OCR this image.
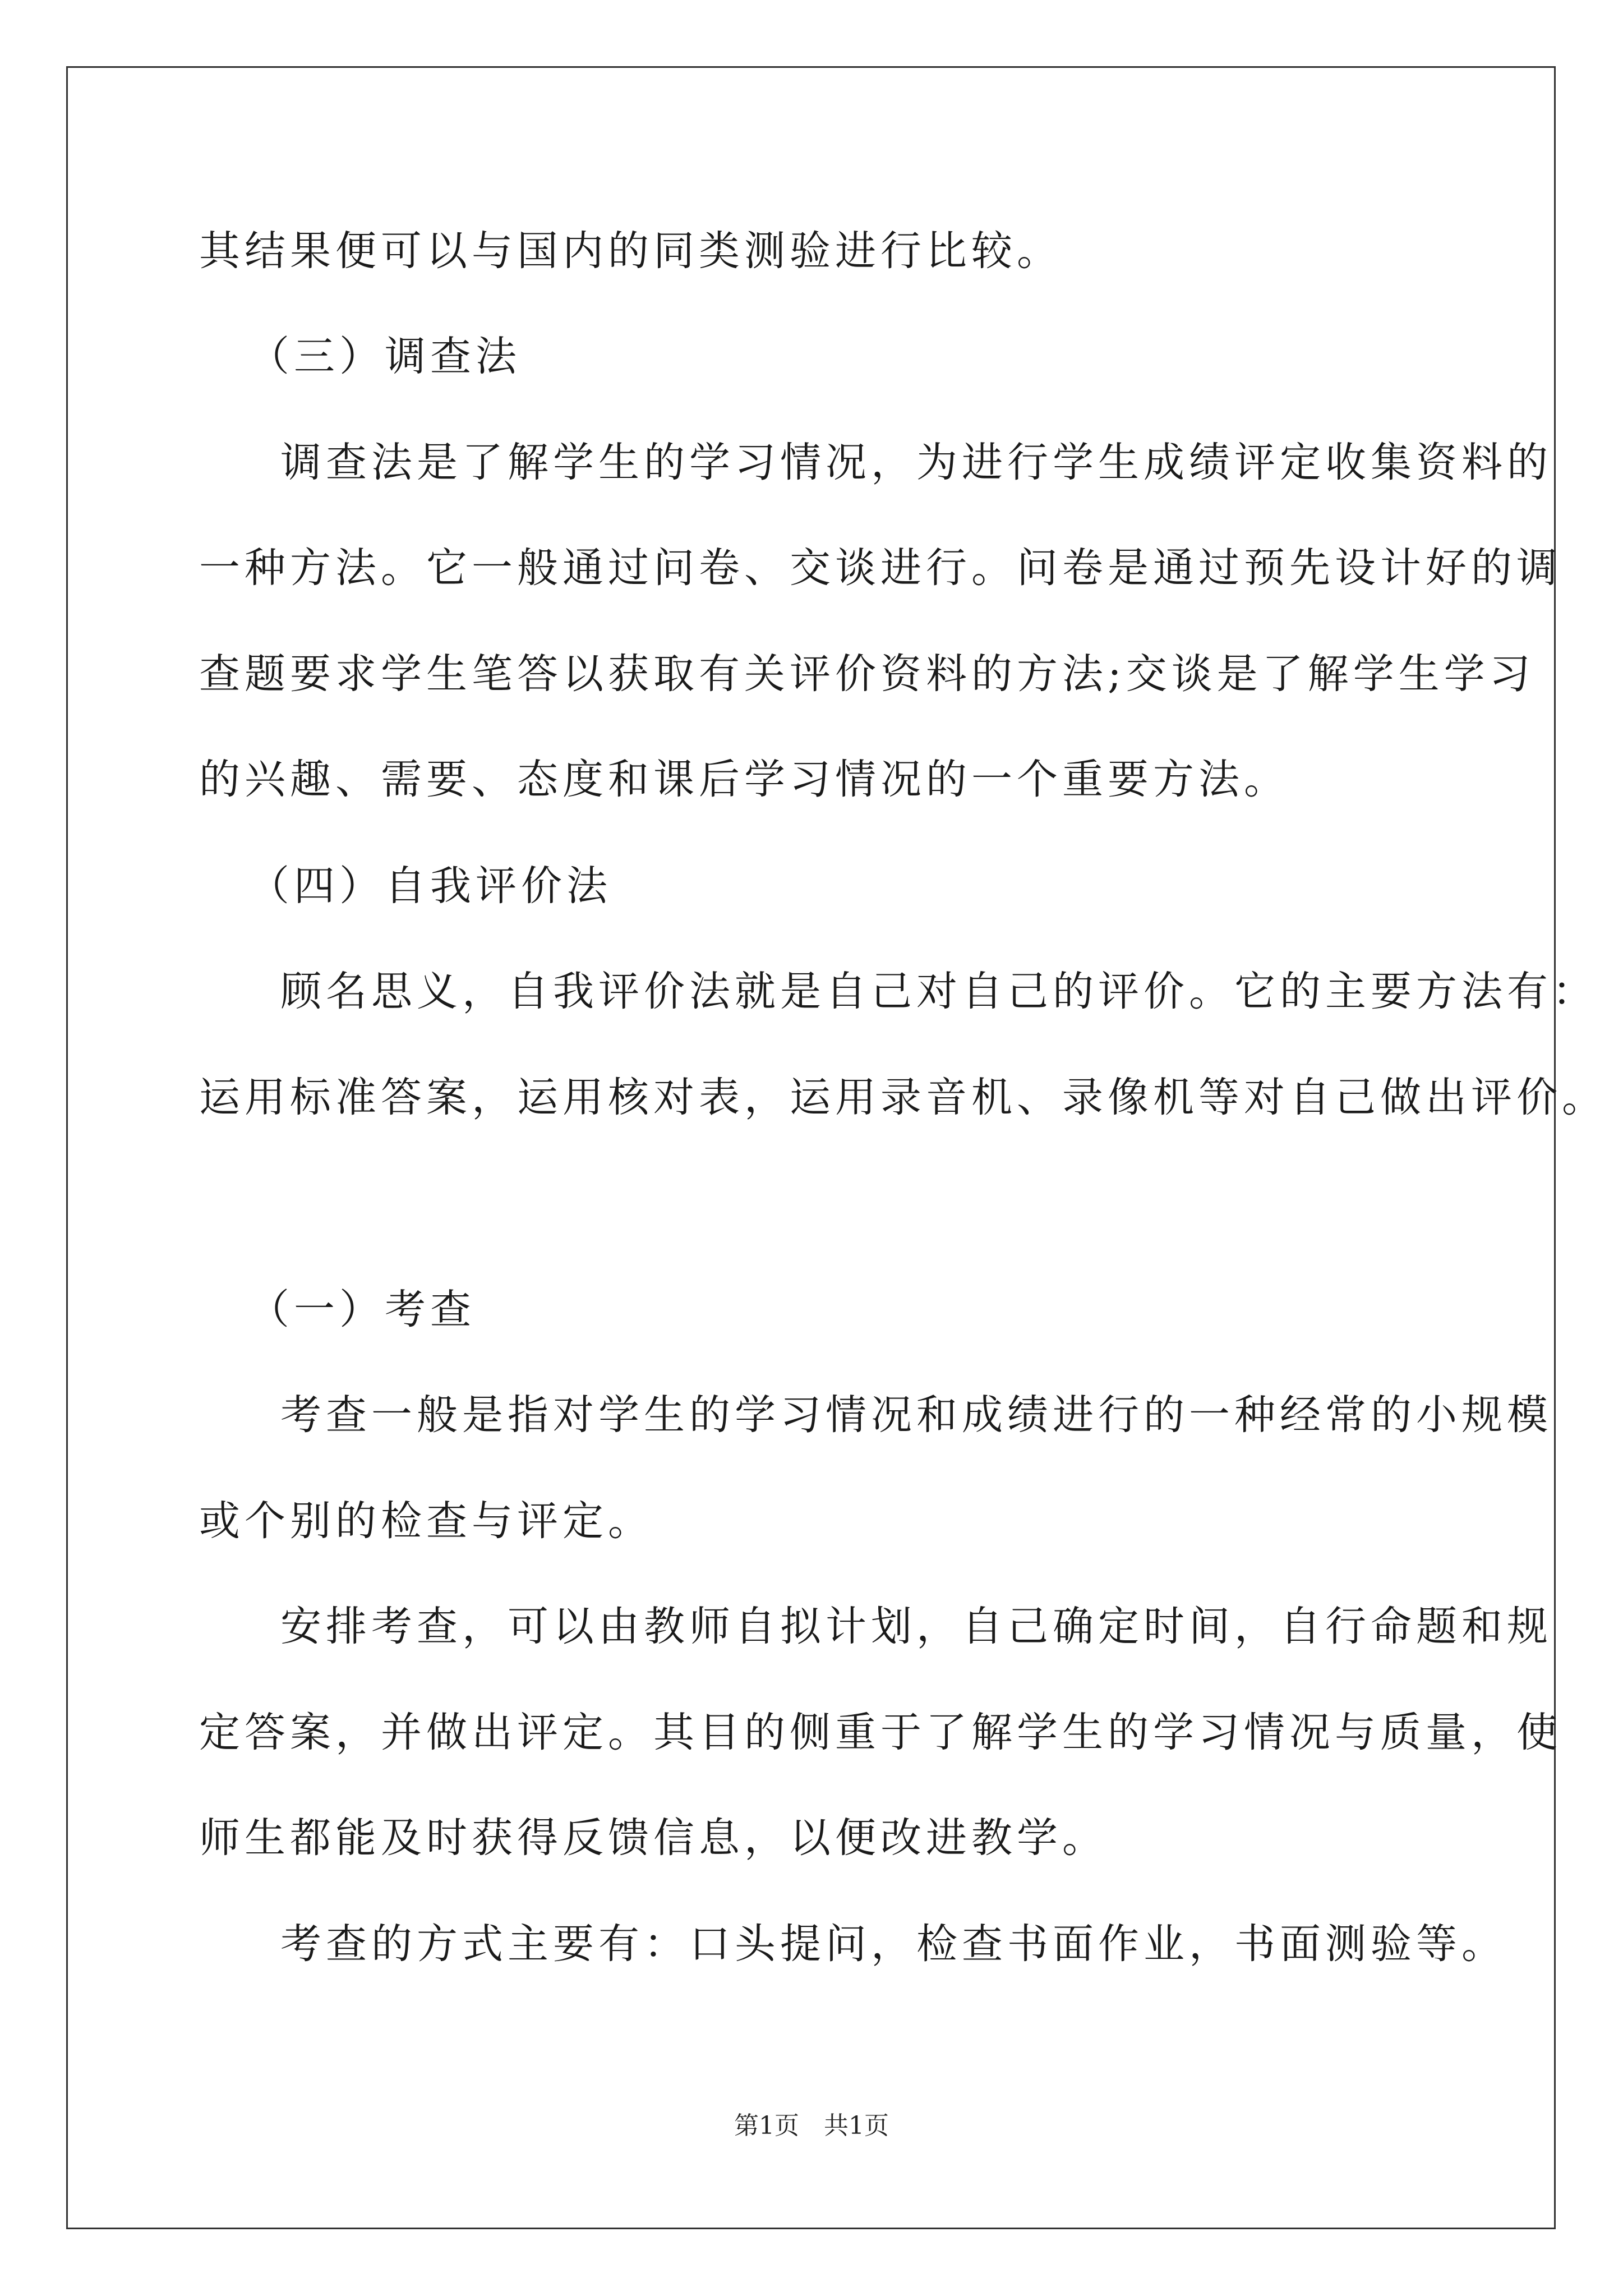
其结果便可以与国内的同类测验进行比较。
（三）调查法
调查法是了解学生的学习情况，为进行学生成绩评定收集资料的
一种方法。它一般通过问卷、交谈进行。问卷是通过预先设计好的调
查题要求学生笔答以获取有关评价资料的方法;交谈是了解学生学习
的兴趣、需要、态度和课后学习情况的一个重要方法。
（四）自我评价法
顾名思义，自我评价法就是自己对自己的评价。它的主要方法有：
运用标准答案，运用核对表，运用录音机、录像机等对自己做出评价。
（一）考查
考查一般是指对学生的学习情况和成绩进行的一种经常的小规模
或个别的检查与评定。
安排考查，可以由教师自拟计划，自己确定时间，自行命题和规
定答案，并做出评定。其目的侧重于了解学生的学习情况与质量，使
师生都能及时获得反馈信息，以便改进教学。
考查的方式主要有：口头提问，检查书面作业，书面测验等。
第1页　共1页
